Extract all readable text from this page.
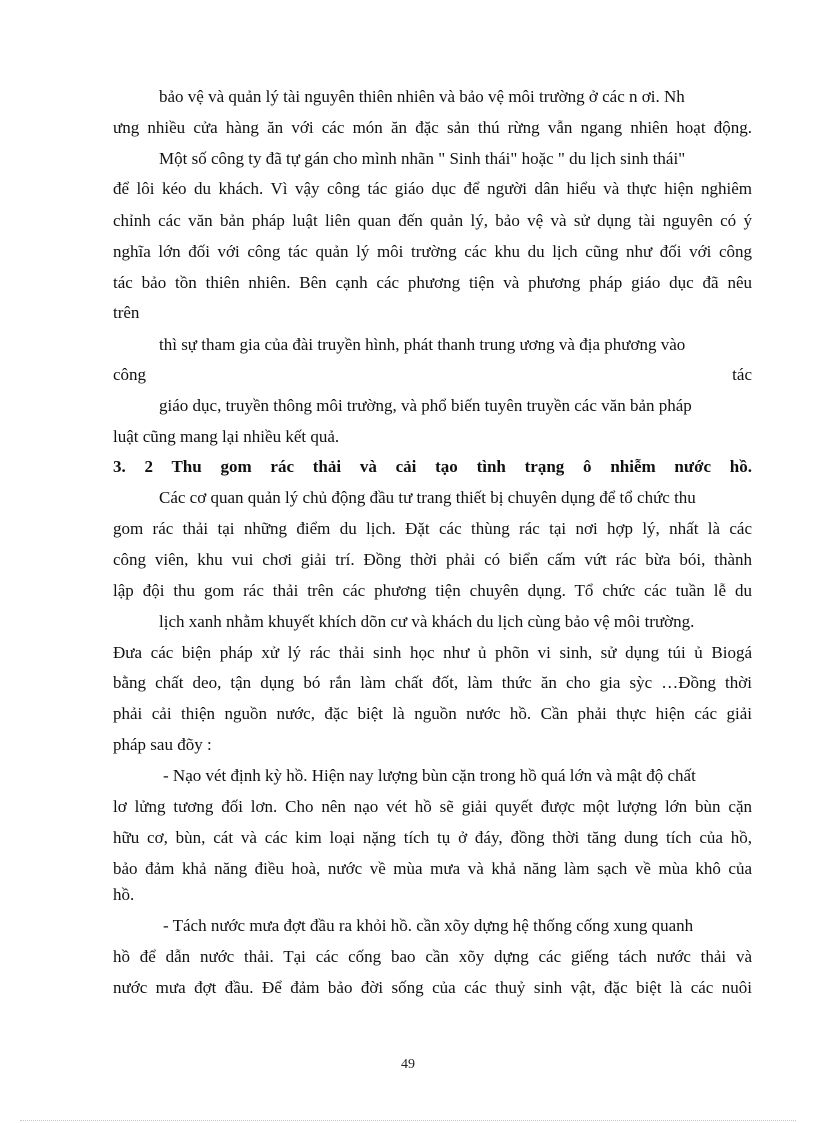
bảo vệ và quản lý tài nguyên thiên nhiên và bảo vệ môi trường ở các n ơi. Nh
ưng nhiều cửa hàng ăn với các món ăn đặc sản thú rừng vẫn ngang nhiên hoạt động.
Một số công ty đã tự gán cho mình nhãn " Sinh thái" hoặc " du lịch sinh thái"
để lôi kéo du khách. Vì vậy công tác giáo dục để người dân hiểu và thực hiện nghiêm
chỉnh các văn bản pháp luật liên quan đến quản lý, bảo vệ và sử dụng tài nguyên có ý
nghĩa lớn đối với công tác quản lý môi trường các khu du lịch cũng như đối với công
tác bảo tồn thiên nhiên. Bên cạnh các phương tiện và phương pháp giáo dục đã nêu
trên
thì sự tham gia của đài truyền hình, phát thanh trung ương và địa phương vào
công	tác
giáo dục, truyền thông môi trường, và phổ biến tuyên truyền các văn bản pháp
luật cũng mang lại nhiều kết quả.
3. 2 Thu gom rác thải và cải tạo tình trạng ô nhiễm nước hồ.
Các cơ quan quản lý chủ động đầu tư trang thiết bị chuyên dụng để tổ chức thu
gom rác thải tại những điểm du lịch. Đặt các thùng rác tại nơi hợp lý, nhất là các
công viên, khu vui chơi giải trí. Đồng thời phải có biển cấm vứt rác bừa bói, thành
lập đội thu gom rác thải trên các phương tiện chuyên dụng. Tổ chức các tuần lễ du
lịch xanh nhằm khuyết khích dõn cư và khách du lịch cùng bảo vệ môi trường.
Đưa các biện pháp xử lý rác thải sinh học như ủ phõn vi sinh, sử dụng túi ủ Biogá
bằng chất deo, tận dụng bó rắn làm chất đốt, làm thức ăn cho gia sỳc …Đồng thời
phải cải thiện nguồn nước, đặc biệt là nguồn nước hồ. Cần phải thực hiện các giải
pháp sau đõy :
- Nạo vét định kỳ hồ. Hiện nay lượng bùn cặn trong hồ quá lớn và mật độ chất
lơ lửng tương đối lơn. Cho nên nạo vét hồ sẽ giải quyết được một lượng lớn bùn cặn
hữu cơ, bùn, cát và các kim loại nặng tích tụ ở đáy, đồng thời tăng dung tích của hồ,
bảo đảm khả năng điều hoà, nước về mùa mưa và khả năng làm sạch về mùa khô của
hồ.
- Tách nước mưa đợt đầu ra khỏi hồ. cần xõy dựng hệ thống cống xung quanh
hồ để dẫn nước thải. Tại các cống bao cần xõy dựng các giếng tách nước thải và
nước mưa đợt đầu. Để đảm bảo đời sống của các thuỷ sinh vật, đặc biệt là các nuôi
49
